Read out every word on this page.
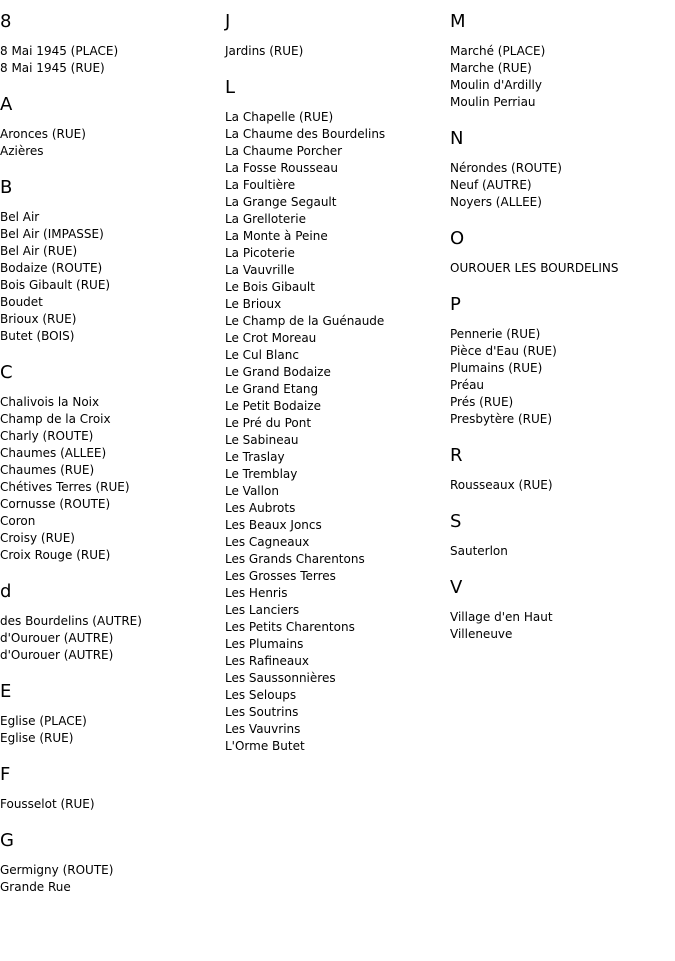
8
8 Mai 1945 (PLACE)
8 Mai 1945 (RUE)
A
Aronces (RUE)
Azières
B
Bel Air
Bel Air (IMPASSE)
Bel Air (RUE)
Bodaize (ROUTE)
Bois Gibault (RUE)
Boudet
Brioux (RUE)
Butet (BOIS)
C
Chalivois la Noix
Champ de la Croix
Charly (ROUTE)
Chaumes (ALLEE)
Chaumes (RUE)
Chétives Terres (RUE)
Cornusse (ROUTE)
Coron
Croisy (RUE)
Croix Rouge (RUE)
d
des Bourdelins (AUTRE)
d'Ourouer (AUTRE)
d'Ourouer (AUTRE)
E
Eglise (PLACE)
Eglise (RUE)
F
Fousselot (RUE)
G
Germigny (ROUTE)
Grande Rue
J
Jardins (RUE)
L
La Chapelle (RUE)
La Chaume des Bourdelins
La Chaume Porcher
La Fosse Rousseau
La Foultière
La Grange Segault
La Grelloterie
La Monte à Peine
La Picoterie
La Vauvrille
Le Bois Gibault
Le Brioux
Le Champ de la Guénaude
Le Crot Moreau
Le Cul Blanc
Le Grand Bodaize
Le Grand Etang
Le Petit Bodaize
Le Pré du Pont
Le Sabineau
Le Traslay
Le Tremblay
Le Vallon
Les Aubrots
Les Beaux Joncs
Les Cagneaux
Les Grands Charentons
Les Grosses Terres
Les Henris
Les Lanciers
Les Petits Charentons
Les Plumains
Les Rafineaux
Les Saussonnières
Les Seloups
Les Soutrins
Les Vauvrins
L'Orme Butet
M
Marché (PLACE)
Marche (RUE)
Moulin d'Ardilly
Moulin Perriau
N
Nérondes (ROUTE)
Neuf (AUTRE)
Noyers (ALLEE)
O
OUROUER LES BOURDELINS
P
Pennerie (RUE)
Pièce d'Eau (RUE)
Plumains (RUE)
Préau
Prés (RUE)
Presbytère (RUE)
R
Rousseaux (RUE)
S
Sauterlon
V
Village d'en Haut
Villeneuve
